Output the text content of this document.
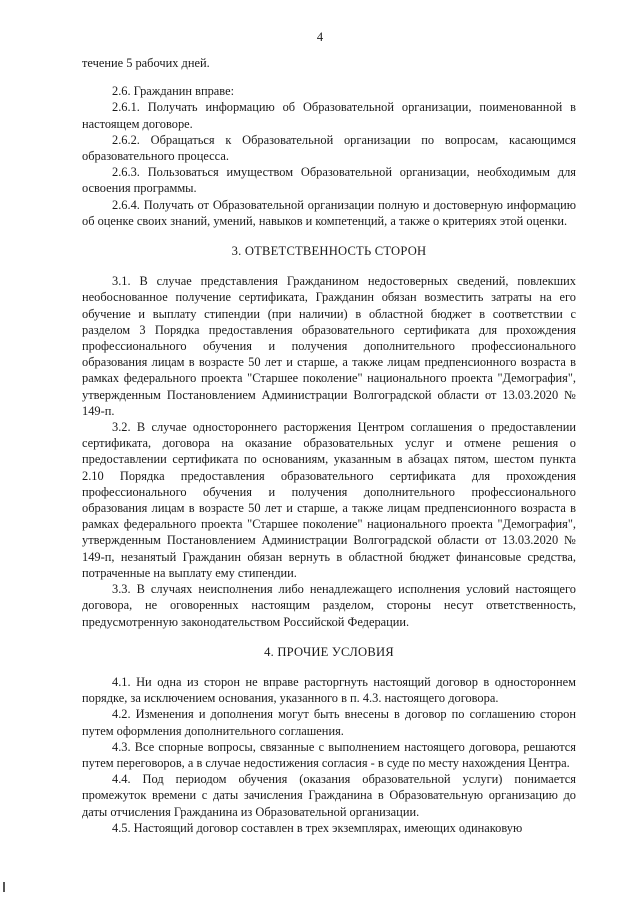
4

течение 5 рабочих дней.

2.6. Гражданин вправе:

2.6.1. Получать информацию об Образовательной организации, поименованной в настоящем договоре.

2.6.2. Обращаться к Образовательной организации по вопросам, касающимся образовательного процесса.

2.6.3. Пользоваться имуществом Образовательной организации, необходимым для освоения программы.

2.6.4. Получать от Образовательной организации полную и достоверную информацию об оценке своих знаний, умений, навыков и компетенций, а также о критериях этой оценки.

3. ОТВЕТСТВЕННОСТЬ СТОРОН

3.1. В случае представления Гражданином недостоверных сведений, повлекших необоснованное получение сертификата, Гражданин обязан возместить затраты на его обучение и выплату стипендии (при наличии) в областной бюджет в соответствии с разделом 3 Порядка предоставления образовательного сертификата для прохождения профессионального обучения и получения дополнительного профессионального образования лицам в возрасте 50 лет и старше, а также лицам предпенсионного возраста в рамках федерального проекта "Старшее поколение" национального проекта "Демография", утвержденным Постановлением Администрации Волгоградской области от 13.03.2020 № 149-п.

3.2. В случае одностороннего расторжения Центром соглашения о предоставлении сертификата, договора на оказание образовательных услуг и отмене решения о предоставлении сертификата по основаниям, указанным в абзацах пятом, шестом пункта 2.10 Порядка предоставления образовательного сертификата для прохождения профессионального обучения и получения дополнительного профессионального образования лицам в возрасте 50 лет и старше, а также лицам предпенсионного возраста в рамках федерального проекта "Старшее поколение" национального проекта "Демография", утвержденным Постановлением Администрации Волгоградской области от 13.03.2020 № 149-п, незанятый Гражданин обязан вернуть в областной бюджет финансовые средства, потраченные на выплату ему стипендии.

3.3. В случаях неисполнения либо ненадлежащего исполнения условий настоящего договора, не оговоренных настоящим разделом, стороны несут ответственность, предусмотренную законодательством Российской Федерации.

4. ПРОЧИЕ УСЛОВИЯ

4.1. Ни одна из сторон не вправе расторгнуть настоящий договор в одностороннем порядке, за исключением основания, указанного в п. 4.3. настоящего договора.

4.2. Изменения и дополнения могут быть внесены в договор по соглашению сторон путем оформления дополнительного соглашения.

4.3. Все спорные вопросы, связанные с выполнением настоящего договора, решаются путем переговоров, а в случае недостижения согласия - в суде по месту нахождения Центра.

4.4. Под периодом обучения (оказания образовательной услуги) понимается промежуток времени с даты зачисления Гражданина в Образовательную организацию до даты отчисления Гражданина из Образовательной организации.

4.5. Настоящий договор составлен в трех экземплярах, имеющих одинаковую
